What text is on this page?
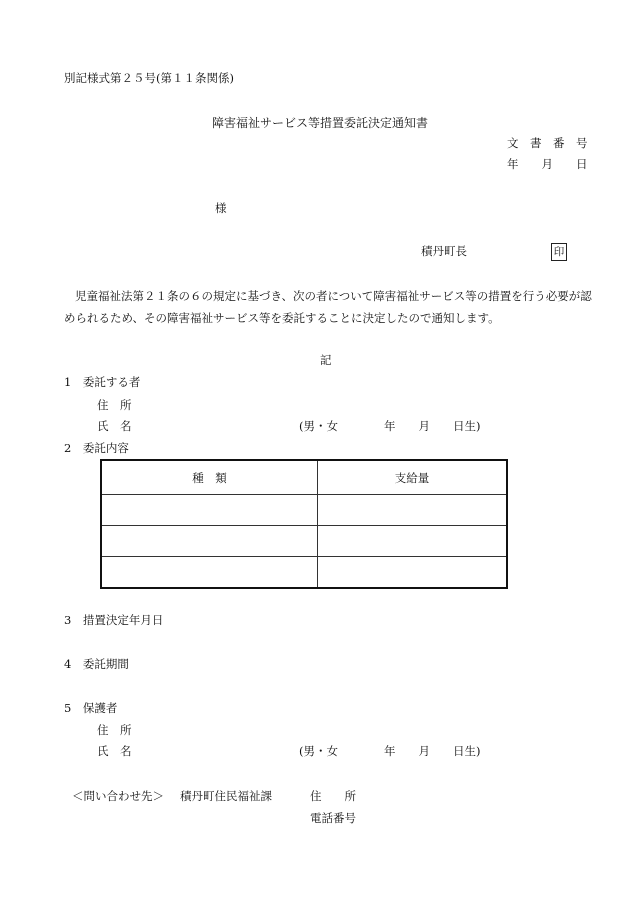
別記様式第２５号(第１１条関係)
障害福祉サービス等措置委託決定通知書
文　書　番　号
年　　月　　日
様
積丹町長	印
児童福祉法第２１条の６の規定に基づき、次の者について障害福祉サービス等の措置を行う必要が認められるため、その障害福祉サービス等を委託することに決定したので通知します。
記
1　委託する者
住　所
氏　名	(男・女　　　　年　　月　　日生)
2　委託内容
種　類	支給量

3　措置決定年月日
4　委託期間
5　保護者
住　所
氏　名	(男・女　　　　年　　月　　日生)
＜問い合わせ先＞ 積丹町住民福祉課	住　　所
電話番号
